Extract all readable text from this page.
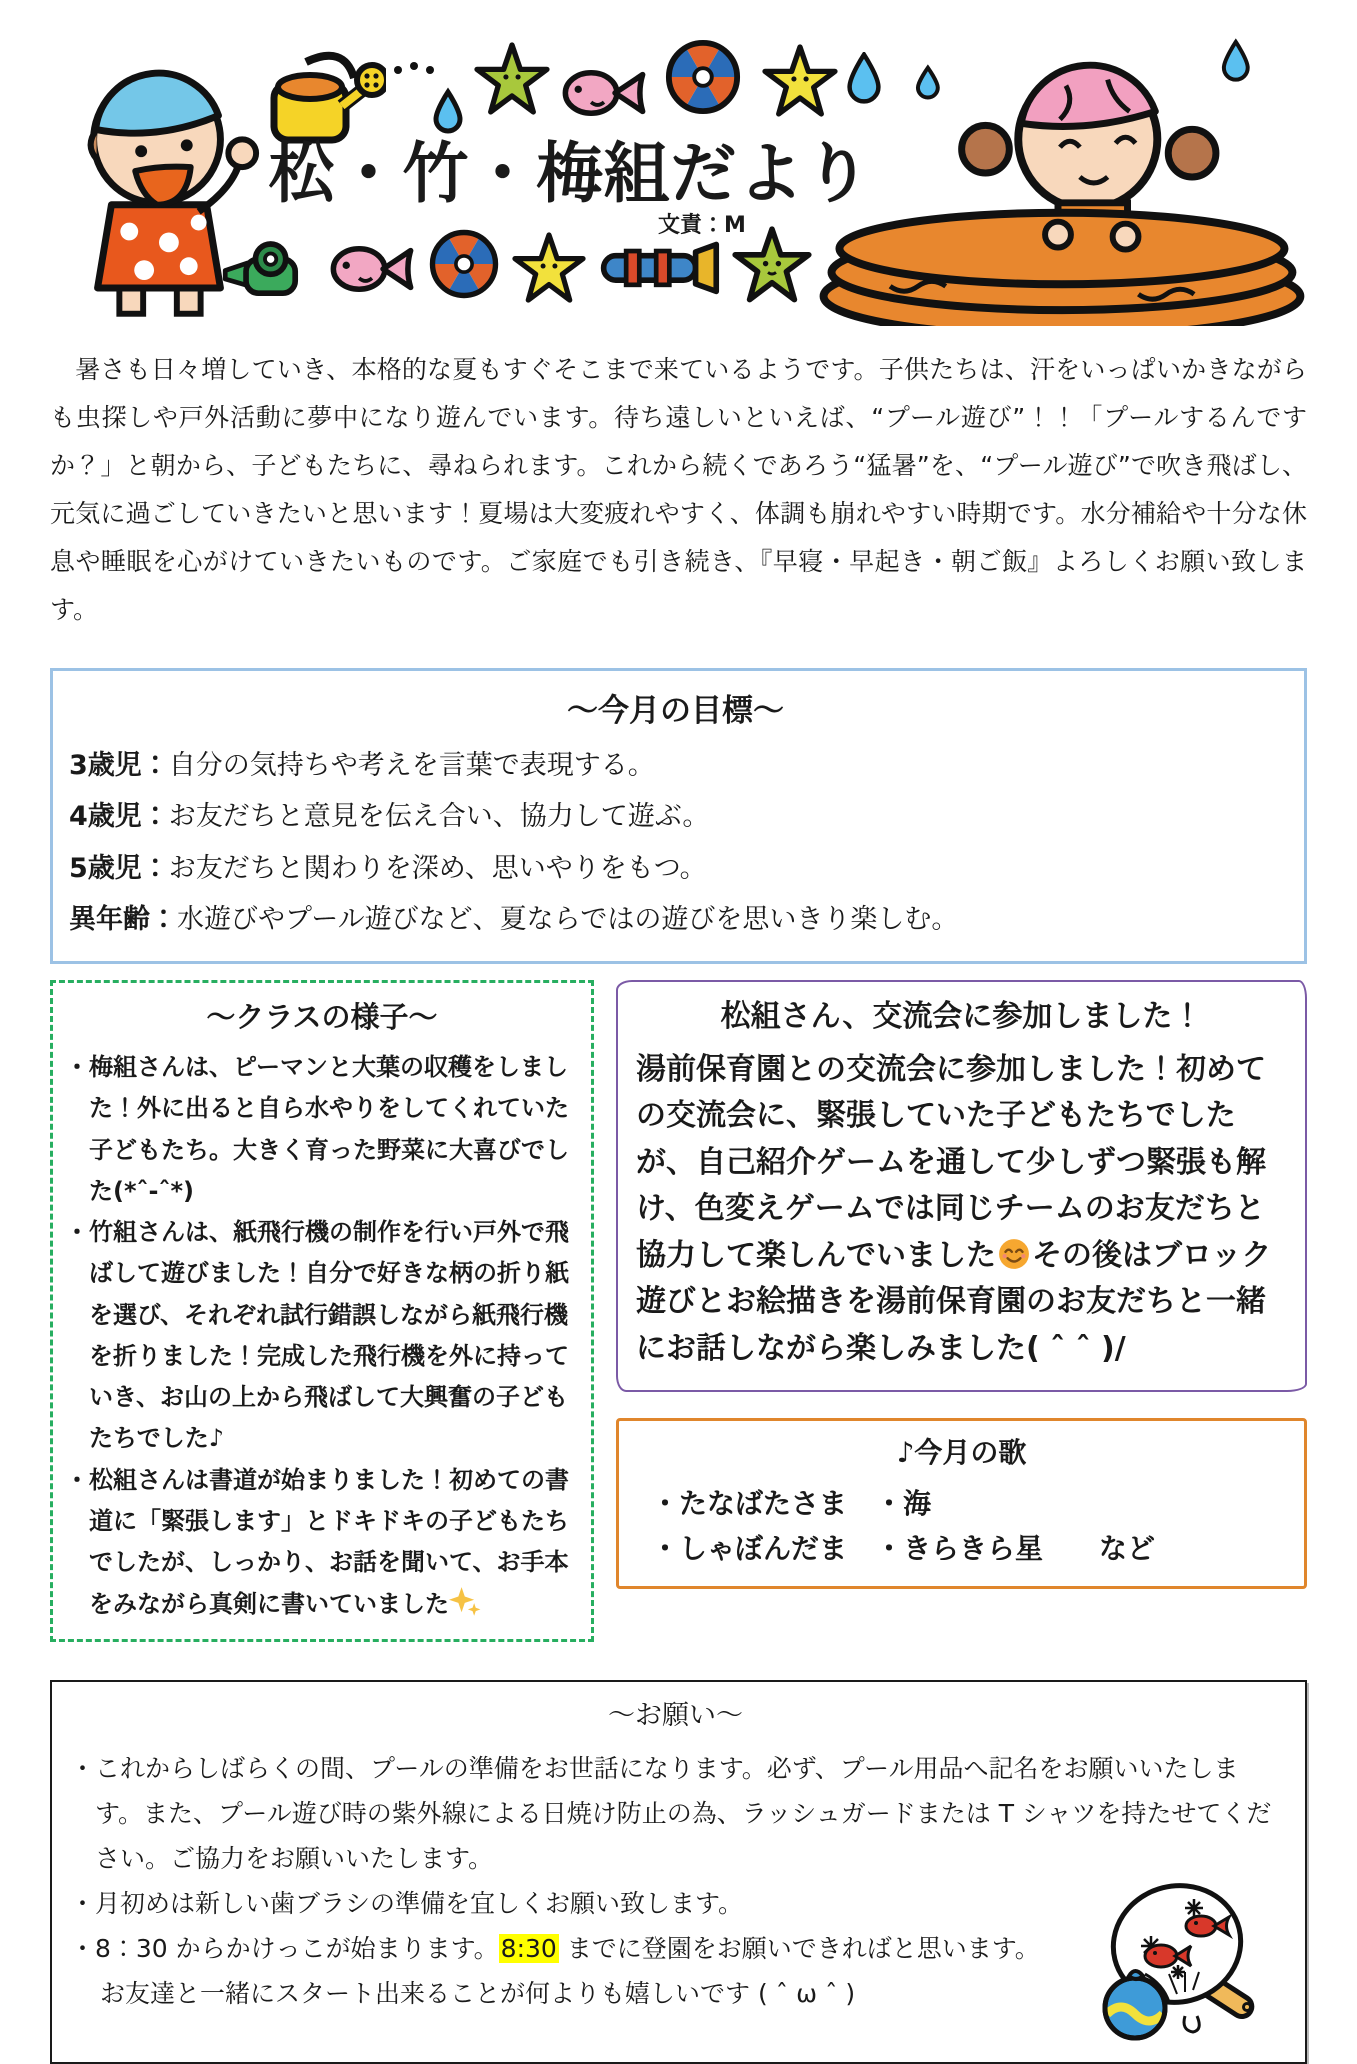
松・竹・梅組だより
文責：M

　暑さも日々増していき、本格的な夏もすぐそこまで来ているようです。子供たちは、汗をいっぱいかきながらも虫探しや戸外活動に夢中になり遊んでいます。待ち遠しいといえば、“プール遊び”！！「プールするんですか？」と朝から、子どもたちに、尋ねられます。これから続くであろう“猛暑”を、“プール遊び”で吹き飛ばし、元気に過ごしていきたいと思います！夏場は大変疲れやすく、体調も崩れやすい時期です。水分補給や十分な休息や睡眠を心がけていきたいものです。ご家庭でも引き続き、『早寝・早起き・朝ご飯』よろしくお願い致します。

～今月の目標～
3歳児：自分の気持ちや考えを言葉で表現する。
4歳児：お友だちと意見を伝え合い、協力して遊ぶ。
5歳児：お友だちと関わりを深め、思いやりをもつ。
異年齢：水遊びやプール遊びなど、夏ならではの遊びを思いきり楽しむ。
～クラスの様子～

・梅組さんは、ピーマンと大葉の収穫をしました！外に出ると自ら水やりをしてくれていた子どもたち。大きく育った野菜に大喜びでした(*ˆ-ˆ*)

・竹組さんは、紙飛行機の制作を行い戸外で飛ばして遊びました！自分で好きな柄の折り紙を選び、それぞれ試行錯誤しながら紙飛行機を折りました！完成した飛行機を外に持っていき、お山の上から飛ばして大興奮の子どもたちでした♪

・松組さんは書道が始まりました！初めての書道に「緊張します」とドキドキの子どもたちでしたが、しっかり、お話を聞いて、お手本をみながら真剣に書いていました

松組さん、交流会に参加しました！

湯前保育園との交流会に参加しました！初めての交流会に、緊張していた子どもたちでしたが、自己紹介ゲームを通して少しずつ緊張も解け、色変えゲームでは同じチームのお友だちと協力して楽しんでいました その後はブロック遊びとお絵描きを湯前保育園のお友だちと一緒にお話しながら楽しみました( ˆ ˆ )/

♪今月の歌

・たなばたさま　・海

・しゃぼんだま　・きらきら星　　など

～お願い～

・これからしばらくの間、プールの準備をお世話になります。必ず、プール用品へ記名をお願いいたします。また、プール遊び時の紫外線による日焼け防止の為、ラッシュガードまたは T シャツを持たせてください。ご協力をお願いいたします。

・月初めは新しい歯ブラシの準備を宜しくお願い致します。

・8：30 からかけっこが始まります。8:30 までに登園をお願いできればと思います。

お友達と一緒にスタート出来ることが何よりも嬉しいです ( ˆ ω ˆ )
